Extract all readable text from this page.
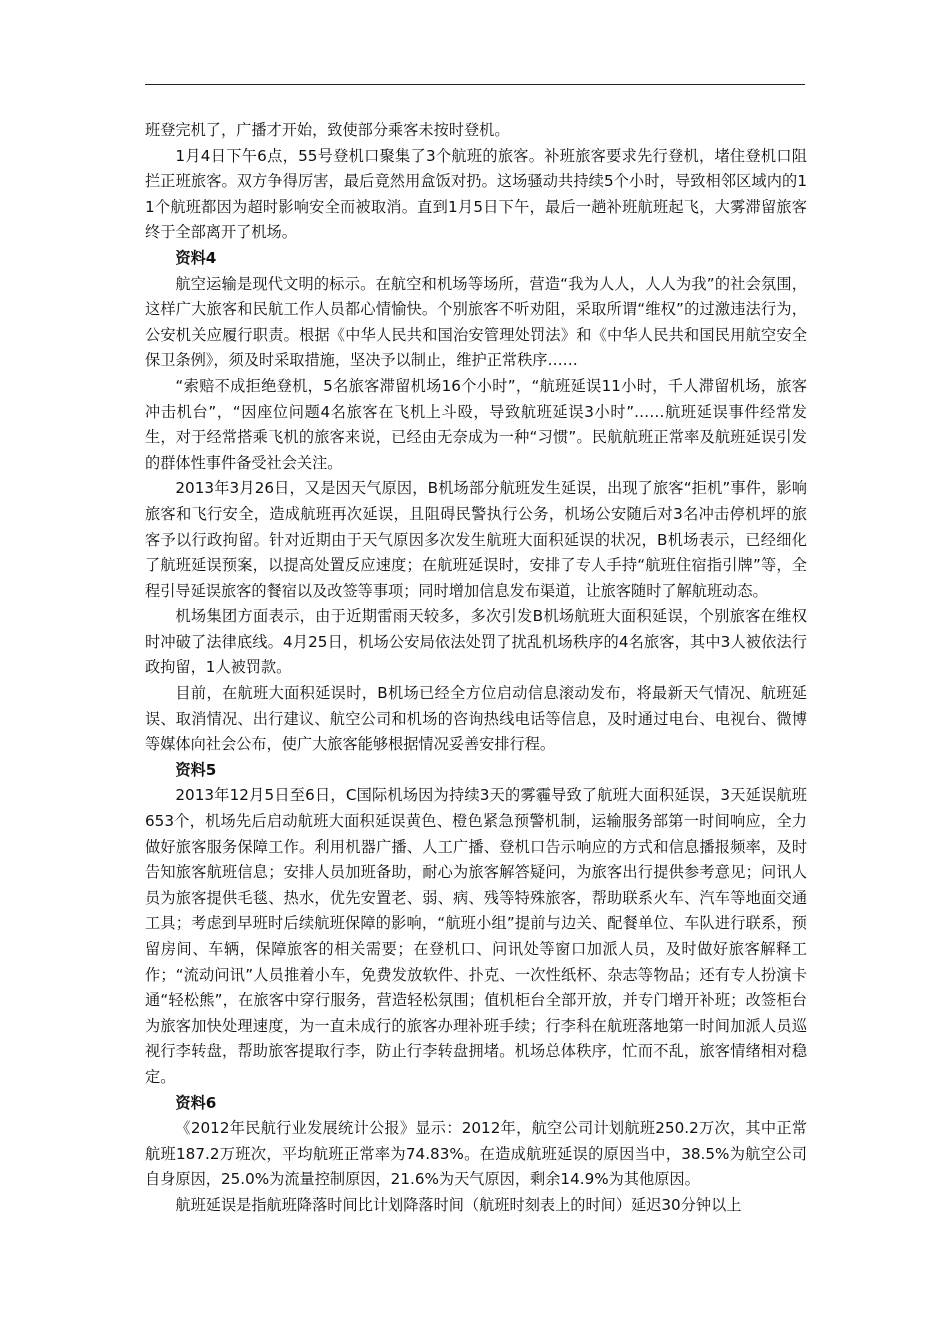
班登完机了，广播才开始，致使部分乘客未按时登机。

1月4日下午6点，55号登机口聚集了3个航班的旅客。补班旅客要求先行登机，堵住登机口阻拦正班旅客。双方争得厉害，最后竟然用盒饭对扔。这场骚动共持续5个小时，导致相邻区域内的11个航班都因为超时影响安全而被取消。直到1月5日下午，最后一趟补班航班起飞，大雾滞留旅客终于全部离开了机场。

资料4

航空运输是现代文明的标示。在航空和机场等场所，营造“我为人人，人人为我”的社会氛围，这样广大旅客和民航工作人员都心情愉快。个别旅客不听劝阻，采取所谓“维权”的过激违法行为，公安机关应履行职责。根据《中华人民共和国治安管理处罚法》和《中华人民共和国民用航空安全保卫条例》，须及时采取措施，坚决予以制止，维护正常秩序……

“索赔不成拒绝登机，5名旅客滞留机场16个小时”，“航班延误11小时，千人滞留机场，旅客冲击机台”，“因座位问题4名旅客在飞机上斗殴，导致航班延误3小时”……航班延误事件经常发生，对于经常搭乘飞机的旅客来说，已经由无奈成为一种“习惯”。民航航班正常率及航班延误引发的群体性事件备受社会关注。

2013年3月26日，又是因天气原因，B机场部分航班发生延误，出现了旅客“拒机”事件，影响旅客和飞行安全，造成航班再次延误，且阻碍民警执行公务，机场公安随后对3名冲击停机坪的旅客予以行政拘留。针对近期由于天气原因多次发生航班大面积延误的状况，B机场表示，已经细化了航班延误预案，以提高处置反应速度；在航班延误时，安排了专人手持“航班住宿指引牌”等，全程引导延误旅客的餐宿以及改签等事项；同时增加信息发布渠道，让旅客随时了解航班动态。

机场集团方面表示，由于近期雷雨天较多，多次引发B机场航班大面积延误，个别旅客在维权时冲破了法律底线。4月25日，机场公安局依法处罚了扰乱机场秩序的4名旅客，其中3人被依法行政拘留，1人被罚款。

目前，在航班大面积延误时，B机场已经全方位启动信息滚动发布，将最新天气情况、航班延误、取消情况、出行建议、航空公司和机场的咨询热线电话等信息，及时通过电台、电视台、微博等媒体向社会公布，使广大旅客能够根据情况妥善安排行程。

资料5

2013年12月5日至6日，C国际机场因为持续3天的雾霾导致了航班大面积延误，3天延误航班653个，机场先后启动航班大面积延误黄色、橙色紧急预警机制，运输服务部第一时间响应，全力做好旅客服务保障工作。利用机器广播、人工广播、登机口告示响应的方式和信息播报频率，及时告知旅客航班信息；安排人员加班备助，耐心为旅客解答疑问，为旅客出行提供参考意见；问讯人员为旅客提供毛毯、热水，优先安置老、弱、病、残等特殊旅客，帮助联系火车、汽车等地面交通工具；考虑到早班时后续航班保障的影响，“航班小组”提前与边关、配餐单位、车队进行联系，预留房间、车辆，保障旅客的相关需要；在登机口、问讯处等窗口加派人员，及时做好旅客解释工作；“流动问讯”人员推着小车，免费发放软件、扑克、一次性纸杯、杂志等物品；还有专人扮演卡通“轻松熊”，在旅客中穿行服务，营造轻松氛围；值机柜台全部开放，并专门增开补班；改签柜台为旅客加快处理速度，为一直未成行的旅客办理补班手续；行李科在航班落地第一时间加派人员巡视行李转盘，帮助旅客提取行李，防止行李转盘拥堵。机场总体秩序，忙而不乱，旅客情绪相对稳定。

资料6

《2012年民航行业发展统计公报》显示：2012年，航空公司计划航班250.2万次，其中正常航班187.2万班次，平均航班正常率为74.83%。在造成航班延误的原因当中，38.5%为航空公司自身原因，25.0%为流量控制原因，21.6%为天气原因，剩余14.9%为其他原因。

航班延误是指航班降落时间比计划降落时间（航班时刻表上的时间）延迟30分钟以上
